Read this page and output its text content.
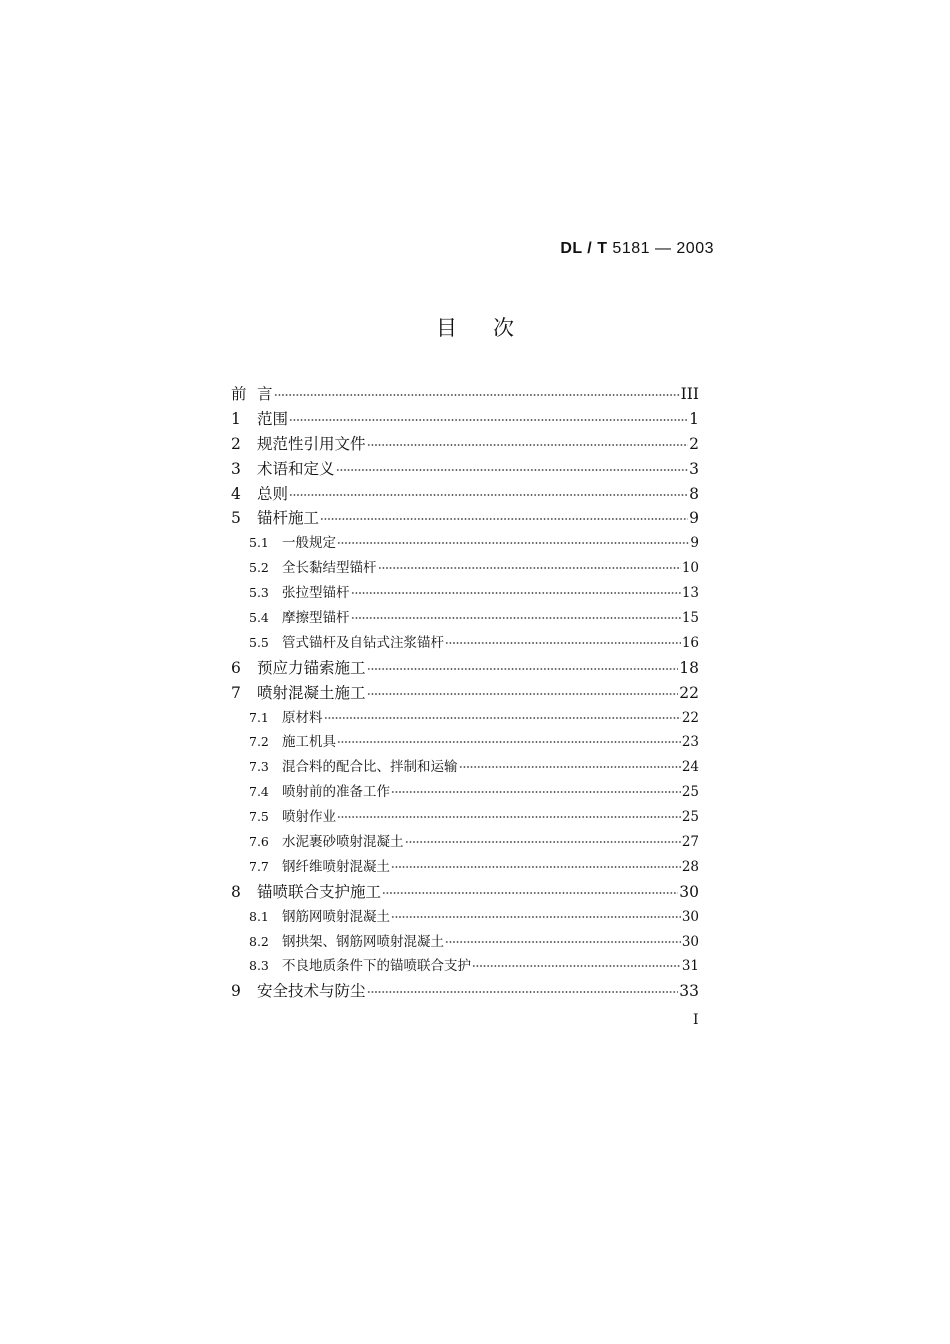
DL / T 5181 — 2003
目次
前 言	III
1	范围	1
2	规范性引用文件	2
3	术语和定义	3
4	总则	8
5	锚杆施工	9
5.1 一般规定	9
5.2 全长黏结型锚杆	10
5.3 张拉型锚杆	13
5.4 摩擦型锚杆	15
5.5 管式锚杆及自钻式注浆锚杆	16
6	预应力锚索施工	18
7	喷射混凝土施工	22
7.1 原材料	22
7.2 施工机具	23
7.3 混合料的配合比、拌制和运输	24
7.4 喷射前的准备工作	25
7.5 喷射作业	25
7.6 水泥裹砂喷射混凝土	27
7.7 钢纤维喷射混凝土	28
8	锚喷联合支护施工	30
8.1 钢筋网喷射混凝土	30
8.2 钢拱架、钢筋网喷射混凝土	30
8.3 不良地质条件下的锚喷联合支护	31
9	安全技术与防尘	33
I
